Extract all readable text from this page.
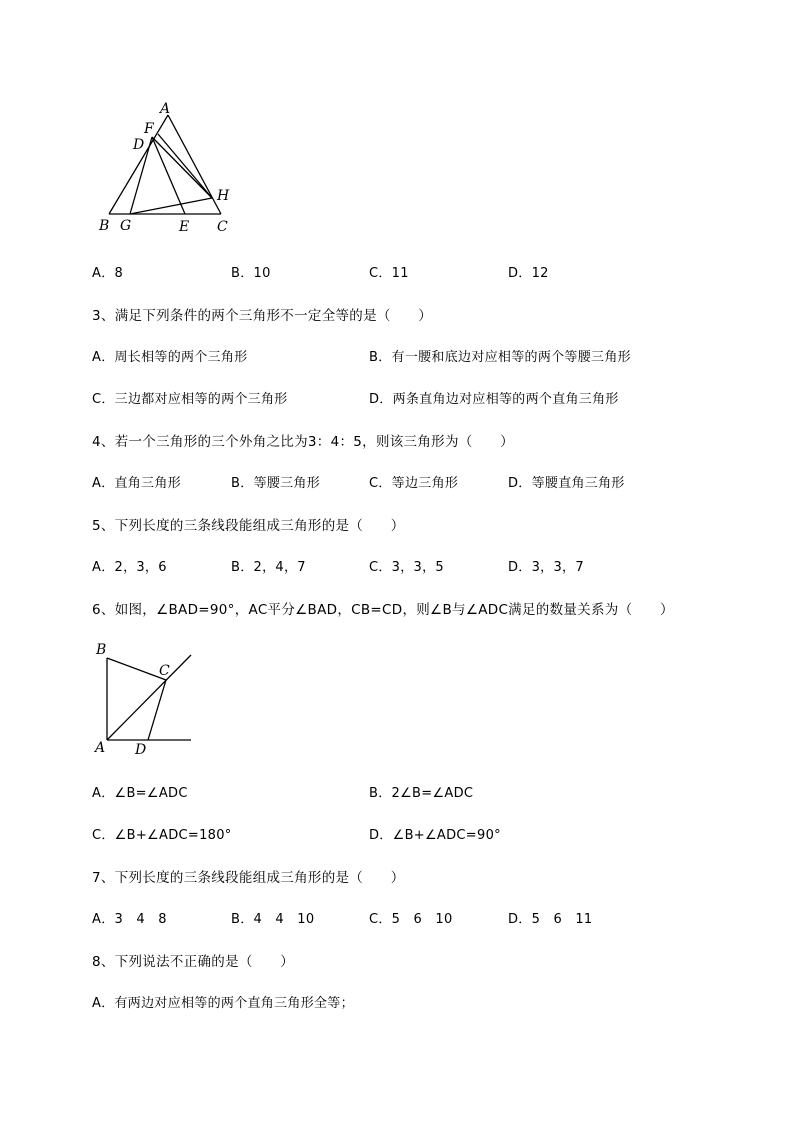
A
F
D
H
B G	E C
A．8	B．10	C．11	D．12
3、满足下列条件的两个三角形不一定全等的是（　　）
A．周长相等的两个三角形	B．有一腰和底边对应相等的两个等腰三角形
C．三边都对应相等的两个三角形	D．两条直角边对应相等的两个直角三角形
4、若一个三角形的三个外角之比为3：4：5，则该三角形为（　　）
A．直角三角形	B．等腰三角形	C．等边三角形	D．等腰直角三角形
5、下列长度的三条线段能组成三角形的是（　　）
A．2，3，6	B．2，4，7	C．3，3，5	D．3，3，7
6、如图，∠BAD=90°，AC平分∠BAD，CB=CD，则∠B与∠ADC满足的数量关系为（　　）
B
C
A D
A．∠B=∠ADC	B．2∠B=∠ADC
C．∠B+∠ADC=180°	D．∠B+∠ADC=90°
7、下列长度的三条线段能组成三角形的是（　　）
A．3　4　8	B．4　4　10	C．5　6　10	D．5　6　11
8、下列说法不正确的是（　　）
A．有两边对应相等的两个直角三角形全等；
